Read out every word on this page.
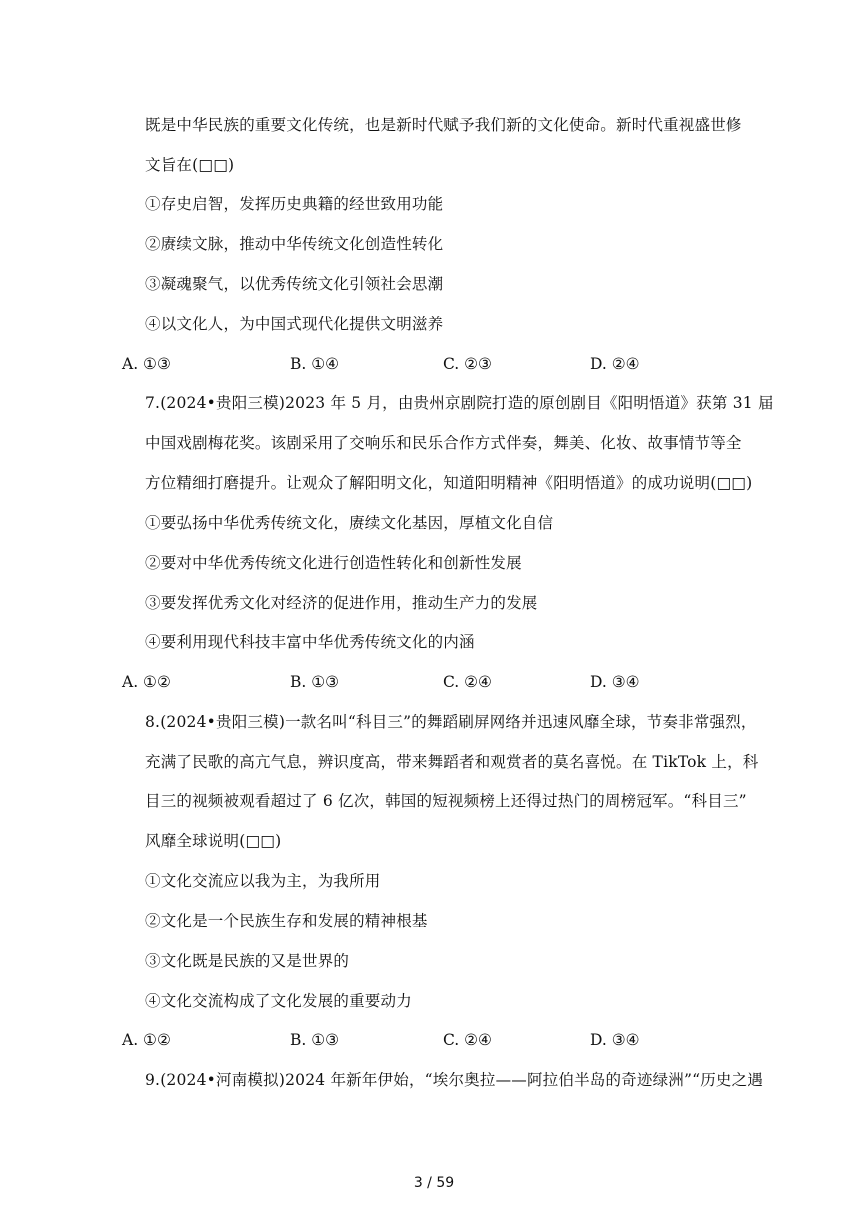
既是中华民族的重要文化传统，也是新时代赋予我们新的文化使命。新时代重视盛世修
文旨在(□□)
①存史启智，发挥历史典籍的经世致用功能
②赓续文脉，推动中华传统文化创造性转化
③凝魂聚气，以优秀传统文化引领社会思潮
④以文化人，为中国式现代化提供文明滋养
A. ①③	B. ①④	C. ②③	D. ②④
7.(2024•贵阳三模)2023 年 5 月，由贵州京剧院打造的原创剧目《阳明悟道》获第 31 届
中国戏剧梅花奖。该剧采用了交响乐和民乐合作方式伴奏，舞美、化妆、故事情节等全
方位精细打磨提升。让观众了解阳明文化，知道阳明精神《阳明悟道》的成功说明(□□)
①要弘扬中华优秀传统文化，赓续文化基因，厚植文化自信
②要对中华优秀传统文化进行创造性转化和创新性发展
③要发挥优秀文化对经济的促进作用，推动生产力的发展
④要利用现代科技丰富中华优秀传统文化的内涵
A. ①②	B. ①③	C. ②④	D. ③④
8.(2024•贵阳三模)一款名叫“科目三”的舞蹈刷屏网络并迅速风靡全球，节奏非常强烈，
充满了民歌的高亢气息，辨识度高，带来舞蹈者和观赏者的莫名喜悦。在 TikTok 上，科
目三的视频被观看超过了 6 亿次，韩国的短视频榜上还得过热门的周榜冠军。“科目三”
风靡全球说明(□□)
①文化交流应以我为主，为我所用
②文化是一个民族生存和发展的精神根基
③文化既是民族的又是世界的
④文化交流构成了文化发展的重要动力
A. ①②	B. ①③	C. ②④	D. ③④
9.(2024•河南模拟)2024 年新年伊始，“埃尔奥拉——阿拉伯半岛的奇迹绿洲”“历史之遇
3 / 59
